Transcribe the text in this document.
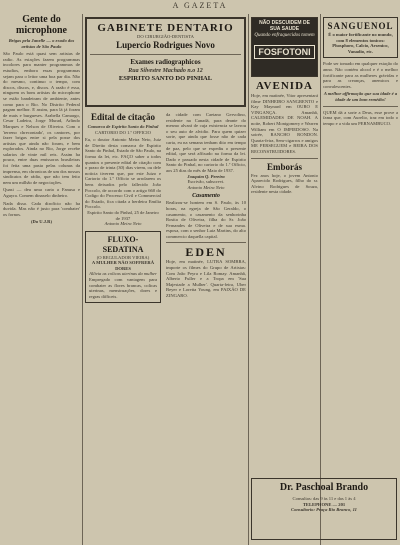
A GAZETA
Gente do microphone
Brigas pela Janelle — o exodo dos artistas de São Paulo
São Paulo está quasi sem artistas de radio. As estações fazem programmas incolores para manter programmas de estudios, embora essas programmas sejam para o leitor uma boa par dia. Não do mesmo, continuo o tempo, com discos, discos, e, discos. A razão é essa, ninguem os bons artistas do microphone se estão bandeiram de ambiente, antes como para o Rio. No Distrito Federal pagam melhor. E assim, para lá já foram de mais e burgueses. Arabella Camargo, Cesar Ladeira, Jorge Murad, Arlindo Marques e Nelson de Oliveira. Com o 'terreno chrecontado', os cantores, por fazer brigas entre si pela posse dos artistas que ainda não foram, e bem explorados. Ainda no Rio, Jorge recebe salarios de vinte mil reis. Assim ha pouco, entre duas emissoras brasileiras foi feita uma pasta pelas colunas da imprensa, em chronicas de um dos nossos sindicatos de rádio, que não tem feito nem um milhão de negociações.
Quasi — deu uma carta a Fanusa e Aguyra. Comem dinaxelo dinheiro.
Nada disso. Cada dirofício não ha duvida. Mas não é justo para 'combater' os fornos.
(Do U.J.R)
GABINETE DENTARIO
DO CIRURGIÃO-DENTISTA
Lupercio Rodrigues Novo
Exames radiographicos
Rua Silvestre Machado n.o 12
ESPIRITO SANTO DO PINHAL
Edital de citação
Comarca de Espirito Santo do Pinhal
CARTORIO DO 1.º OFFICIO
Eu, o doutor Antonio Meira Neto, Juiz de Direito desta comarca de Espirito Santo do Pinhal, Estado de São Paulo, na forma da lei, etc. FAÇO saber a todos quantos o presente edital de citação com o prazo de trinta (30) dias virem, ou dele noticia tiverem que, por este Juizo e Cartorio do 1.º Officio se arrolarem os bens deixados pelo fallecido João Poccolo, de accordo com o artigo 660 do Codigo do Processo Civil e Commercial do Estado, fica citada a herdeira Emilia Poccolo.
Espirito Santo do Pinhal, 25 de Janeiro de 1937
Antonio Meira Neto
FLUXO-SEDATINA
(O REGULADOR VIEIRA)
A MULHER NÃO SOFFRERÁ DORES
Allivia as colicas uterinas da mulher
Empregado com vantagem para combater as flores brancas, colicas uterinas, menstruações, dores e regras difficeis.
da cidade com Caetano Gervolino, residente na Canadá, para deante do mesmo alvará de cuja existencia se lavrou o seu auto de alvidio. Para quem quizer sorte, que ainda que fosse não de cada carta, eu na semana tenham dito em tempo de paz, pelo que se expediu o presente edital, que será affixado na forma da lei. Dado e passado nesta cidade de Espirito Santo do Pinhal, no cartorio do 1.º Officio, aos 25 dias do mês de Maio de 1937.
Joaquim Q. Pereira
Escrivão, subscrevi.
Antonio Meira Neto
Casamento
Realizou-se hontem em S. Paulo, às 10 horas, na egreja de São Geraldo, o casamento, o casamento da senhorinha Rosita de Oliveira, filha do Sr. João Fernandes de Oliveira e de sua exma. esposa, com o senhor Luiz Martins, do alto commercio daquella capital.
EDEN
Hoje, em matinée, LUTRA SOMBRA, importe os filmes do Grupo de Artistas: Com João Peyra e Lila Romay. Amanhã, Alberto Fuller e a Tropa em 'Sua Majestade a Mulher'. Quarta-feira, Uber Beyer e Loretta Young, em PAIXÃO DE ZINGARO.
NÃO DESCUIDEM DE SUA SAUDE
Quando enfraquecidos tomem
FOSFOTONI
AVENIDA
Hoje, em matinée, Vitor apresentará filme DINHEIRO SANGRENTO e Kay Maynard em OURO E VINGANÇA. Amanhã, CALEMIDADES DE NOAH. A noite, Robert Montgomery e Warren William em O IMPIEDOSO. Na soirée, RANCHO RONDON. Quarta-feira, Sem-cigarros e amigos ME PERSEGUEM e BEIRA DOS RECONSTRUIDORES.
Emborás
Fez anos hoje, o jovem Antonio Aparecido Rodrigues, filho do sr. Alvino Rodrigues de Souza, residente nesta cidade.
Dr. Paschoal Brando
Consultas: das 9 às 11 e das 1 às 4
TELEPHONE — 201
Consultorio: Praça Rio Branco, 11
SANGUENOL
É o maior fortificante no mundo, com 8 elementos tonicos: Phosphoro, Calcio, Arsenico, Vanadio, etc.
Pode ser tomado em qualquer estação do anno. Não contém alcool e é o melhor fortificante para as mulheres grávidas e para as creanças, anemicos e convalescentes.
A melhor affirmação que sua idade é a idade de um bom remédio!
QUEM dá a sorte a Deus, esse prove a fama que, com Aurelio, traz em todo o tempo e a vida um PERNAMBUCO.
